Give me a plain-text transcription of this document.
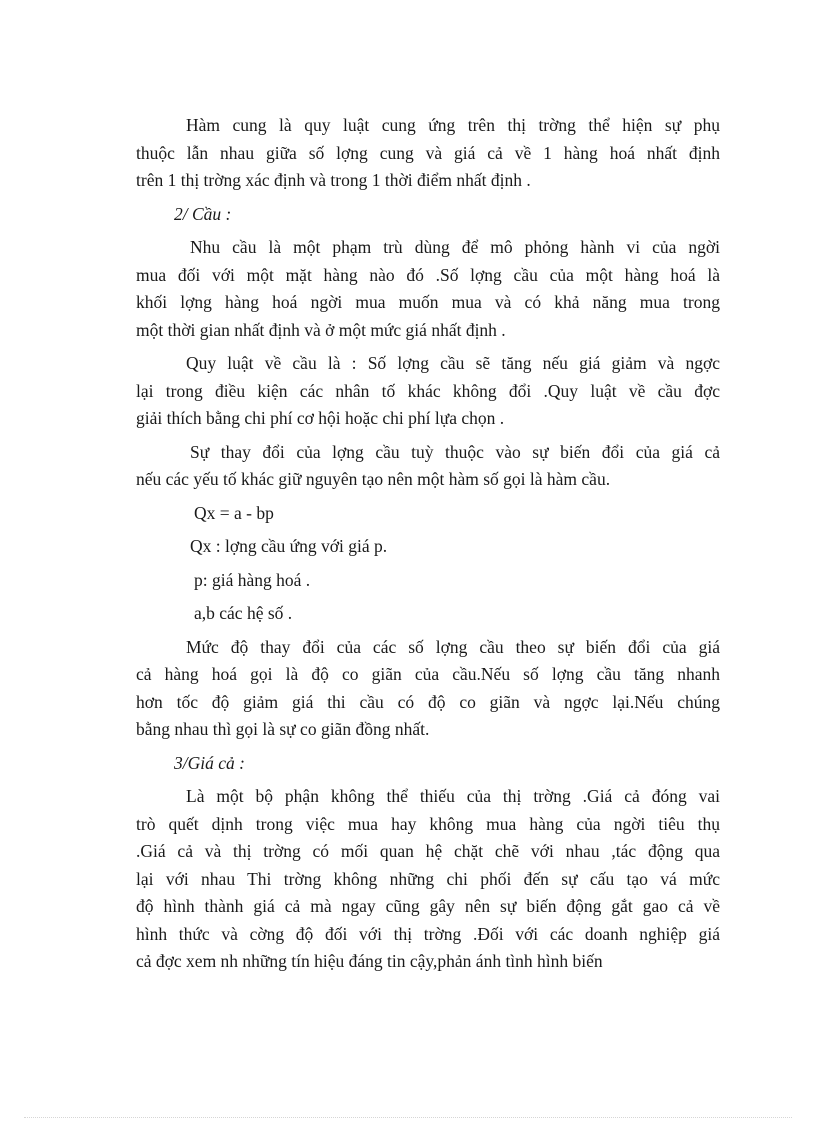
Hàm cung là quy luật cung ứng trên thị trờng thể hiện sự phụ
thuộc lẫn nhau giữa số lợng cung và giá cả về 1 hàng hoá nhất định
trên 1 thị trờng xác định và trong 1 thời điểm nhất định .
2/ Cầu :
Nhu cầu là một phạm trù dùng để mô phỏng hành vi của ngời
mua đối với một mặt hàng nào đó .Số lợng cầu của một hàng hoá là
khối lợng hàng hoá ngời mua muốn mua và có khả năng mua trong
một thời gian nhất định và ở một mức giá nhất định .
Quy luật về cầu là : Số lợng cầu sẽ tăng nếu giá giảm và ngợc
lại trong điều kiện các nhân tố khác không đổi .Quy luật về cầu đợc
giải thích bằng chi phí cơ hội hoặc chi phí lựa chọn .
Sự thay đổi của lợng cầu tuỳ thuộc vào sự biến đổi của giá cả
nếu các yếu tố khác giữ nguyên tạo nên một hàm số gọi là hàm cầu.
Qx = a - bp
Qx : lợng cầu ứng với giá p.
p: giá hàng hoá .
a,b các hệ số .
Mức độ thay đổi của các số lợng cầu theo sự biến đổi của giá
cả hàng hoá gọi là độ co giãn của cầu.Nếu số lợng cầu tăng nhanh
hơn tốc độ giảm giá thi cầu có độ co giãn và ngợc lại.Nếu chúng
bằng nhau thì gọi là sự co giãn đồng nhất.
3/Giá cả :
Là một bộ phận không thể thiếu của thị trờng .Giá cả đóng vai
trò quết dịnh trong việc mua hay không mua hàng của ngời tiêu thụ
.Giá cả và thị trờng có mối quan hệ chặt chẽ với nhau ,tác động qua
lại với nhau Thi trờng không những chi phối đến sự cấu tạo vá mức
độ hình thành giá cả mà ngay cũng gây nên sự biến động gắt gao cả về
hình thức và cờng độ đối với thị trờng .Đối với các doanh nghiệp giá
cả đợc xem nh những tín hiệu đáng tin cậy,phản ánh tình hình biến
